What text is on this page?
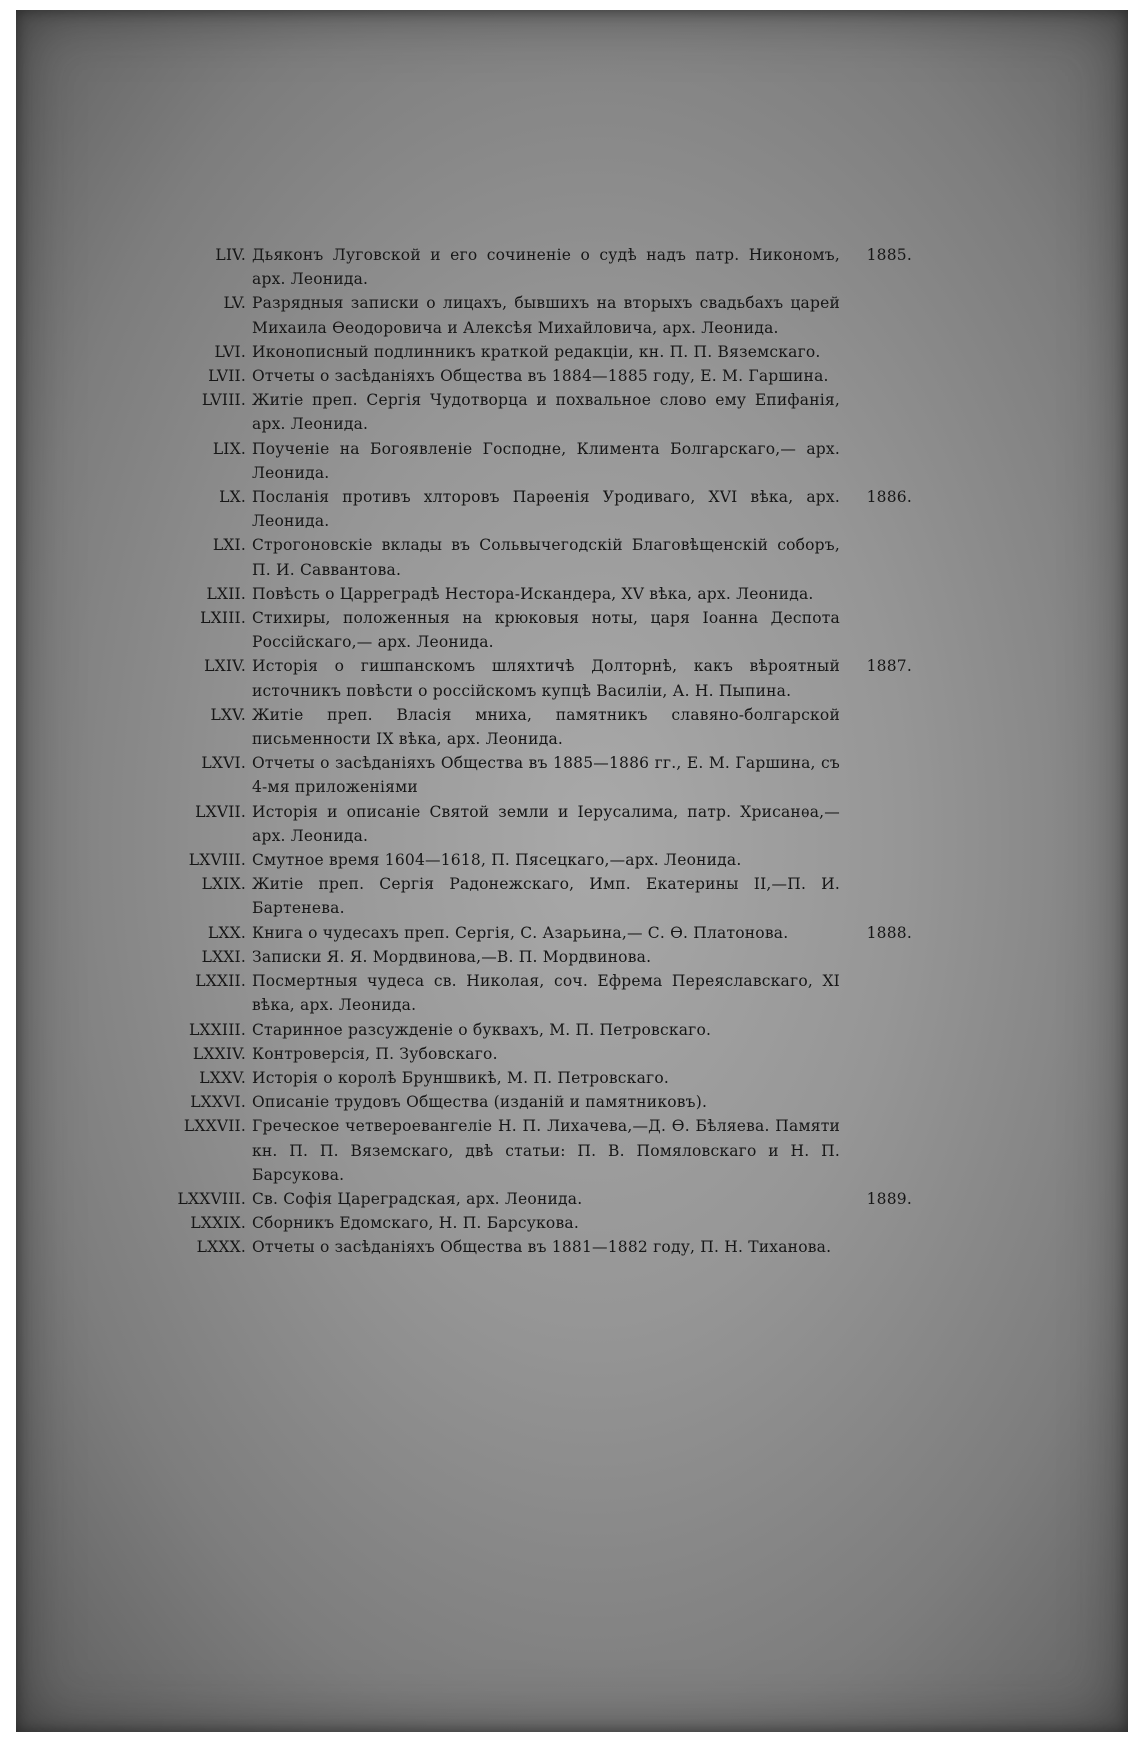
LIV. Дьяконъ Луговской и его сочиненіе о судѣ надъ патр. Никономъ, арх. Леонида.
1885.
LV. Разрядныя записки о лицахъ, бывшихъ на вторыхъ свадьбахъ царей Михаила Ѳеодоровича и Алексѣя Михайловича, арх. Леонида.
LVI. Иконописный подлинникъ краткой редакціи, кн. П. П. Вяземскаго.
LVII. Отчеты о засѣданіяхъ Общества въ 1884—1885 году, Е. М. Гаршина.
LVIII. Житіе преп. Сергія Чудотворца и похвальное слово ему Епифанія, арх. Леонида.
LIX. Поученіе на Богоявленіе Господне, Климента Болгарскаго,— арх. Леонида.
LX. Посланія противъ хлторовъ Парѳенія Уродиваго, XVI вѣка, арх. Леонида.
1886.
LXI. Строгоновскіе вклады въ Сольвычегодскій Благовѣщенскій соборъ, П. И. Саввантова.
LXII. Повѣсть о Царреградѣ Нестора-Искандера, XV вѣка, арх. Леонида.
LXIII. Стихиры, положенныя на крюковыя ноты, царя Іоанна Деспота Россійскаго,— арх. Леонида.
LXIV. Исторія о гишпанскомъ шляхтичѣ Долторнѣ, какъ вѣроятный источникъ повѣсти о россійскомъ купцѣ Василіи, А. Н. Пыпина.
1887.
LXV. Житіе преп. Власія мниха, памятникъ славяно-болгарской письменности IX вѣка, арх. Леонида.
LXVI. Отчеты о засѣданіяхъ Общества въ 1885—1886 гг., Е. М. Гаршина, съ 4-мя приложеніями
LXVII. Исторія и описаніе Святой земли и Іерусалима, патр. Хрисанѳа,— арх. Леонида.
LXVIII. Смутное время 1604—1618, П. Пясецкаго,—арх. Леонида.
LXIX. Житіе преп. Сергія Радонежскаго, Имп. Екатерины II,—П. И. Бартенева.
LXX. Книга о чудесахъ преп. Сергія, С. Азарьина,— С. Ѳ. Платонова.	1888.
LXXI. Записки Я. Я. Мордвинова,—В. П. Мордвинова.
LXXII. Посмертныя чудеса св. Николая, соч. Ефрема Переяславскаго, XI вѣка, арх. Леонида.
LXXIII. Старинное разсужденіе о буквахъ, М. П. Петровскаго.
LXXIV. Контроверсія, П. Зубовскаго.
LXXV. Исторія о королѣ Бруншвикѣ, М. П. Петровскаго.
LXXVI. Описаніе трудовъ Общества (изданій и памятниковъ).
LXXVII. Греческое четвероевангеліе Н. П. Лихачева,—Д. Ѳ. Бѣляева. Памяти кн. П. П. Вяземскаго, двѣ статьи: П. В. Помяловскаго и Н. П. Барсукова.
LXXVIII. Св. Софія Цареградская, арх. Леонида.	1889.
LXXIX. Сборникъ Едомскаго, Н. П. Барсукова.
LXXX. Отчеты о засѣданіяхъ Общества въ 1881—1882 году, П. Н. Тиханова.
